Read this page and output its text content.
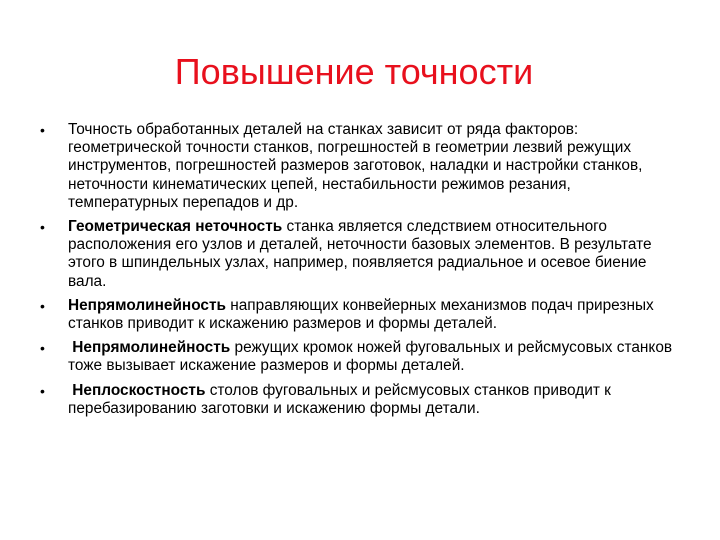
Повышение точности
•	Точность обработанных деталей на станках зависит от ряда факторов: геометрической точности станков, погрешностей в геометрии лезвий режущих инструментов, погрешностей размеров заготовок, наладки и настройки станков, неточности кинематических цепей, нестабильности режимов резания, температурных перепадов и др.
•	Геометрическая неточность станка является следствием относительного расположения его узлов и деталей, неточности базовых элементов. В результате этого в шпиндельных узлах, например, появляется радиальное и осевое биение вала.
•	Непрямолинейность направляющих конвейерных механизмов подач прирезных станков приводит к искажению размеров и формы деталей.
•	Непрямолинейность режущих кромок ножей фуговальных и рейсмусовых станков тоже вызывает искажение размеров и формы деталей.
•	Неплоскостность столов фуговальных и рейсмусовых станков приводит к перебазированию заготовки и искажению формы детали.
